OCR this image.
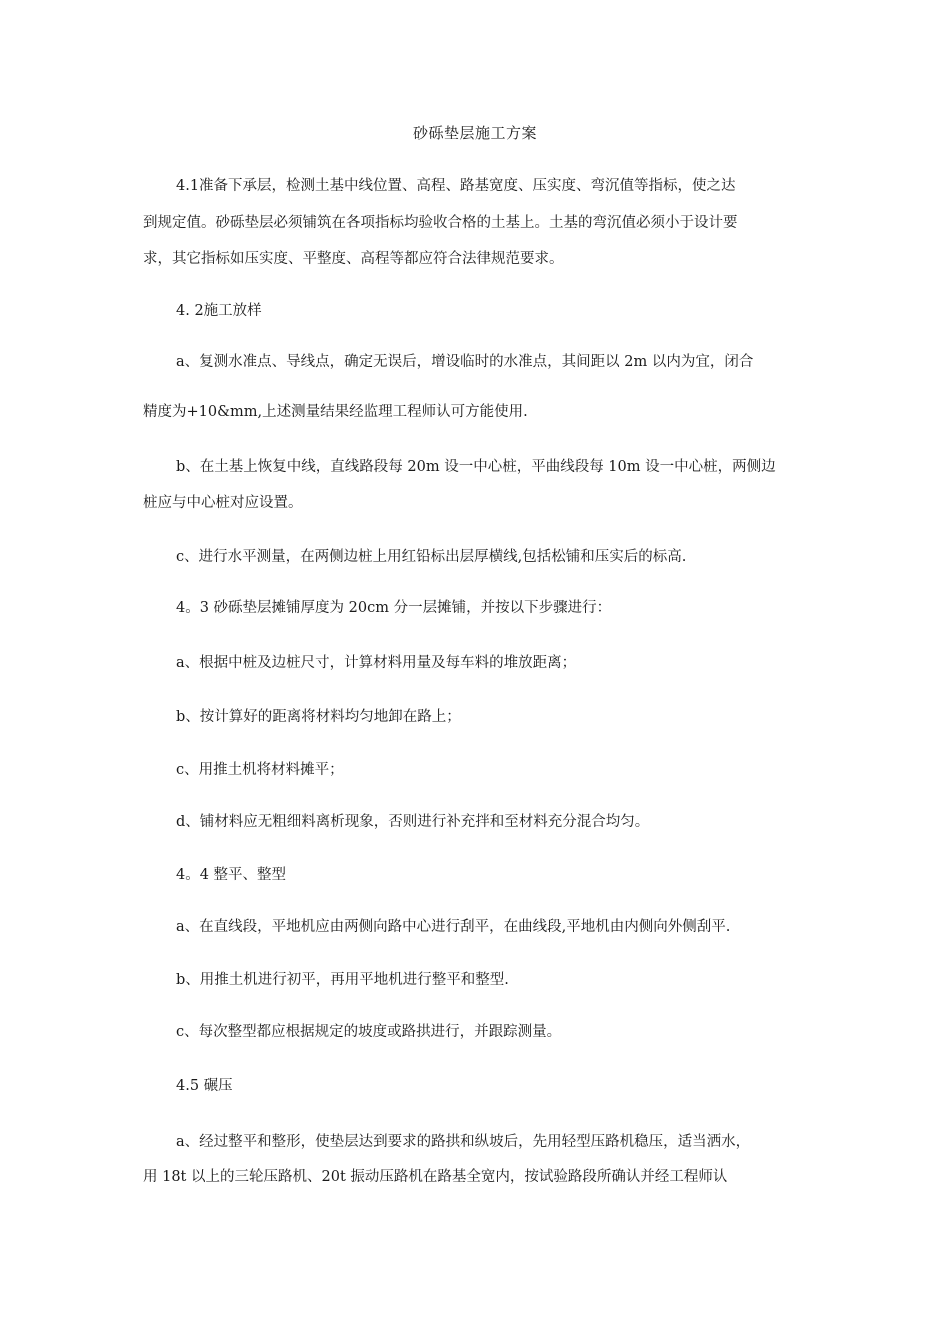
砂砾垫层施工方案
4.1准备下承层，检测土基中线位置、高程、路基宽度、压实度、弯沉值等指标，使之达
到规定值。砂砾垫层必须铺筑在各项指标均验收合格的土基上。土基的弯沉值必须小于设计要
求，其它指标如压实度、平整度、高程等都应符合法律规范要求。
4. 2施工放样
a、复测水准点、导线点，确定无误后，增设临时的水准点，其间距以 2m 以内为宜，闭合
精度为+10&mm,上述测量结果经监理工程师认可方能使用.
b、在土基上恢复中线，直线路段每 20m 设一中心桩，平曲线段每 10m 设一中心桩，两侧边
桩应与中心桩对应设置。
c、进行水平测量，在两侧边桩上用红铅标出层厚横线,包括松铺和压实后的标高.
4。3 砂砾垫层摊铺厚度为 20cm 分一层摊铺，并按以下步骤进行：
a、根据中桩及边桩尺寸，计算材料用量及每车料的堆放距离；
b、按计算好的距离将材料均匀地卸在路上；
c、用推土机将材料摊平；
d、铺材料应无粗细料离析现象，否则进行补充拌和至材料充分混合均匀。
4。4 整平、整型
a、在直线段，平地机应由两侧向路中心进行刮平，在曲线段,平地机由内侧向外侧刮平.
b、用推土机进行初平，再用平地机进行整平和整型.
c、每次整型都应根据规定的坡度或路拱进行，并跟踪测量。
4.5 碾压
a、经过整平和整形，使垫层达到要求的路拱和纵坡后，先用轻型压路机稳压，适当洒水，
用 18t 以上的三轮压路机、20t 振动压路机在路基全宽内，按试验路段所确认并经工程师认
